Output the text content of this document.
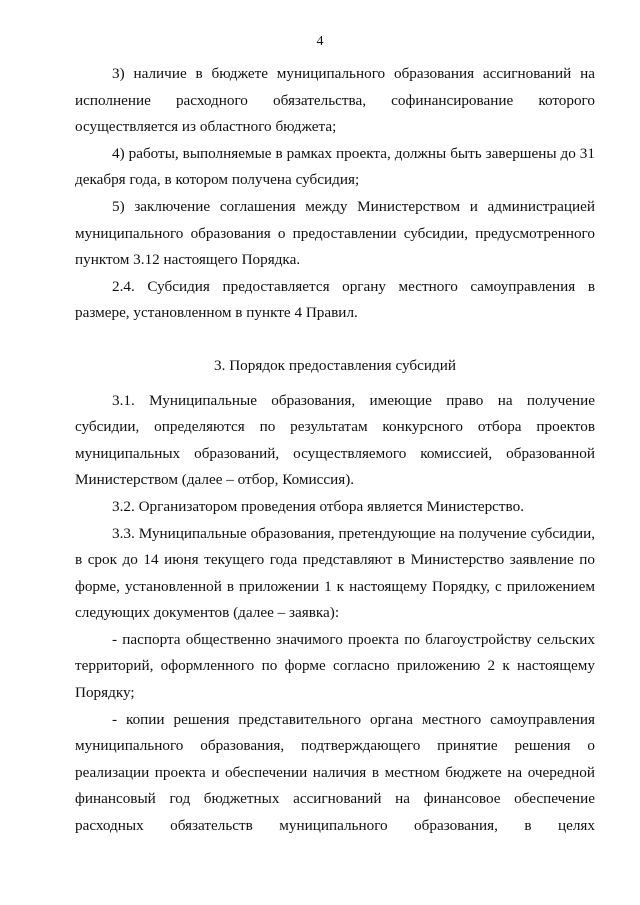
4

3) наличие в бюджете муниципального образования ассигнований на исполнение расходного обязательства, софинансирование которого осуществляется из областного бюджета;

4) работы, выполняемые в рамках проекта, должны быть завершены до 31 декабря года, в котором получена субсидия;

5) заключение соглашения между Министерством и администрацией муниципального образования о предоставлении субсидии, предусмотренного пунктом 3.12 настоящего Порядка.

2.4. Субсидия предоставляется органу местного самоуправления в размере, установленном в пункте 4 Правил.

3. Порядок предоставления субсидий

3.1. Муниципальные образования, имеющие право на получение субсидии, определяются по результатам конкурсного отбора проектов муниципальных образований, осуществляемого комиссией, образованной Министерством (далее – отбор, Комиссия).

3.2. Организатором проведения отбора является Министерство.

3.3. Муниципальные образования, претендующие на получение субсидии, в срок до 14 июня текущего года представляют в Министерство заявление по форме, установленной в приложении 1 к настоящему Порядку, с приложением следующих документов (далее – заявка):

- паспорта общественно значимого проекта по благоустройству сельских территорий, оформленного по форме согласно приложению 2 к настоящему Порядку;

- копии решения представительного органа местного самоуправления муниципального образования, подтверждающего принятие решения о реализации проекта и обеспечении наличия в местном бюджете на очередной финансовый год бюджетных ассигнований на финансовое обеспечение расходных обязательств муниципального образования, в целях
